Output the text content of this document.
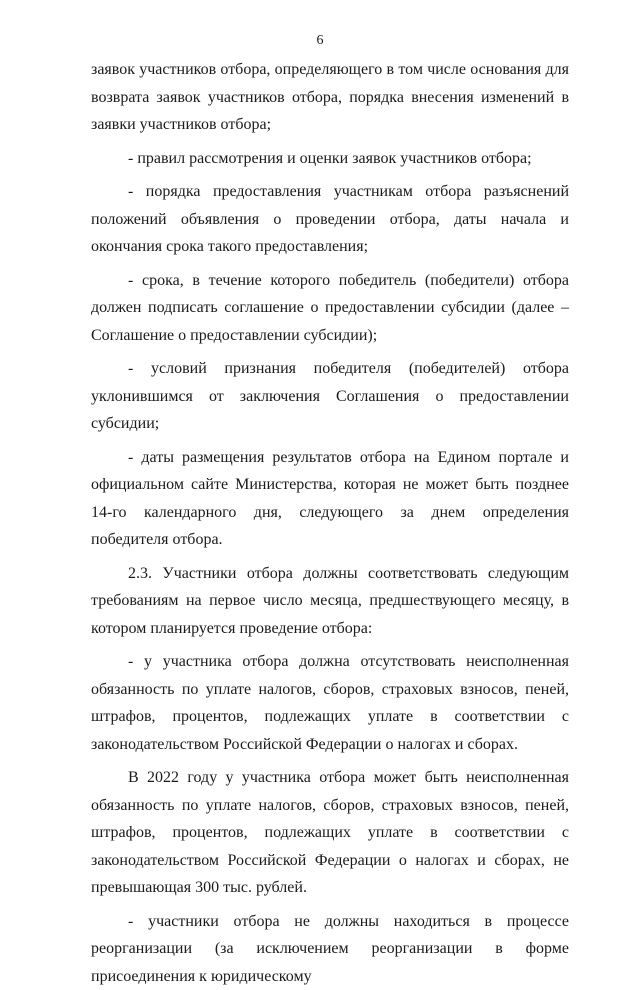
6

заявок участников отбора, определяющего в том числе основания для возврата заявок участников отбора, порядка внесения изменений в заявки участников отбора;

- правил рассмотрения и оценки заявок участников отбора;

- порядка предоставления участникам отбора разъяснений положений объявления о проведении отбора, даты начала и окончания срока такого предоставления;

- срока, в течение которого победитель (победители) отбора должен подписать соглашение о предоставлении субсидии (далее – Соглашение о предоставлении субсидии);

- условий признания победителя (победителей) отбора уклонившимся от заключения Соглашения о предоставлении субсидии;

- даты размещения результатов отбора на Едином портале и официальном сайте Министерства, которая не может быть позднее 14-го календарного дня, следующего за днем определения победителя отбора.

2.3. Участники отбора должны соответствовать следующим требованиям на первое число месяца, предшествующего месяцу, в котором планируется проведение отбора:

- у участника отбора должна отсутствовать неисполненная обязанность по уплате налогов, сборов, страховых взносов, пеней, штрафов, процентов, подлежащих уплате в соответствии с законодательством Российской Федерации о налогах и сборах.

В 2022 году у участника отбора может быть неисполненная обязанность по уплате налогов, сборов, страховых взносов, пеней, штрафов, процентов, подлежащих уплате в соответствии с законодательством Российской Федерации о налогах и сборах, не превышающая 300 тыс. рублей.

- участники отбора не должны находиться в процессе реорганизации (за исключением реорганизации в форме присоединения к юридическому
